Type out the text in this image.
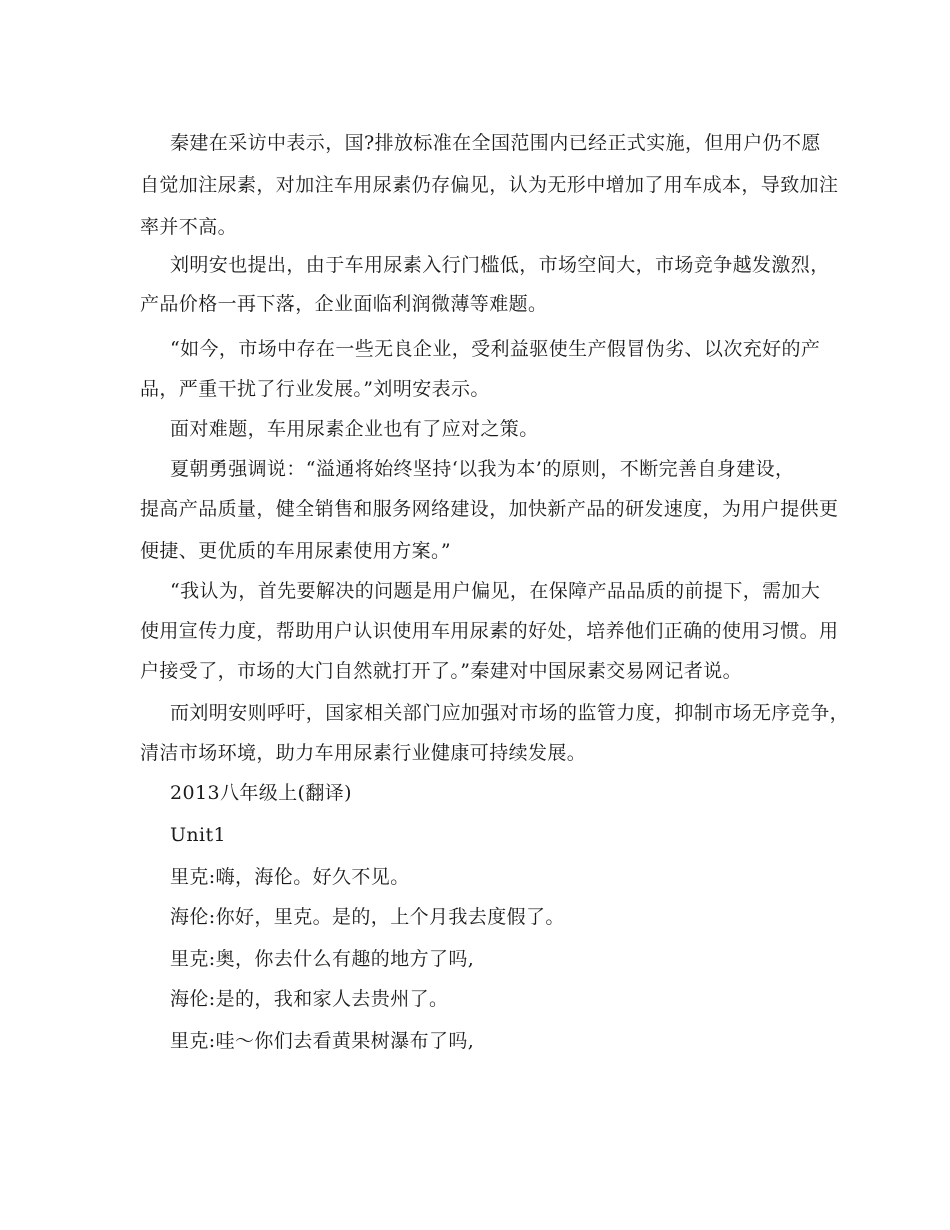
秦建在采访中表示，国?排放标准在全国范围内已经正式实施，但用户仍不愿
自觉加注尿素，对加注车用尿素仍存偏见，认为无形中增加了用车成本，导致加注
率并不高。
刘明安也提出，由于车用尿素入行门槛低，市场空间大，市场竞争越发激烈，
产品价格一再下落，企业面临利润微薄等难题。
“如今，市场中存在一些无良企业，受利益驱使生产假冒伪劣、以次充好的产
品，严重干扰了行业发展。”刘明安表示。
面对难题，车用尿素企业也有了应对之策。
夏朝勇强调说：“溢通将始终坚持‘以我为本’的原则，不断完善自身建设，
提高产品质量，健全销售和服务网络建设，加快新产品的研发速度，为用户提供更
便捷、更优质的车用尿素使用方案。”
“我认为，首先要解决的问题是用户偏见，在保障产品品质的前提下，需加大
使用宣传力度，帮助用户认识使用车用尿素的好处，培养他们正确的使用习惯。用
户接受了，市场的大门自然就打开了。”秦建对中国尿素交易网记者说。
而刘明安则呼吁，国家相关部门应加强对市场的监管力度，抑制市场无序竞争，
清洁市场环境，助力车用尿素行业健康可持续发展。
2013八年级上(翻译)
Unit1
里克:嗨，海伦。好久不见。
海伦:你好，里克。是的，上个月我去度假了。
里克:奥，你去什么有趣的地方了吗,
海伦:是的，我和家人去贵州了。
里克:哇～你们去看黄果树瀑布了吗,
